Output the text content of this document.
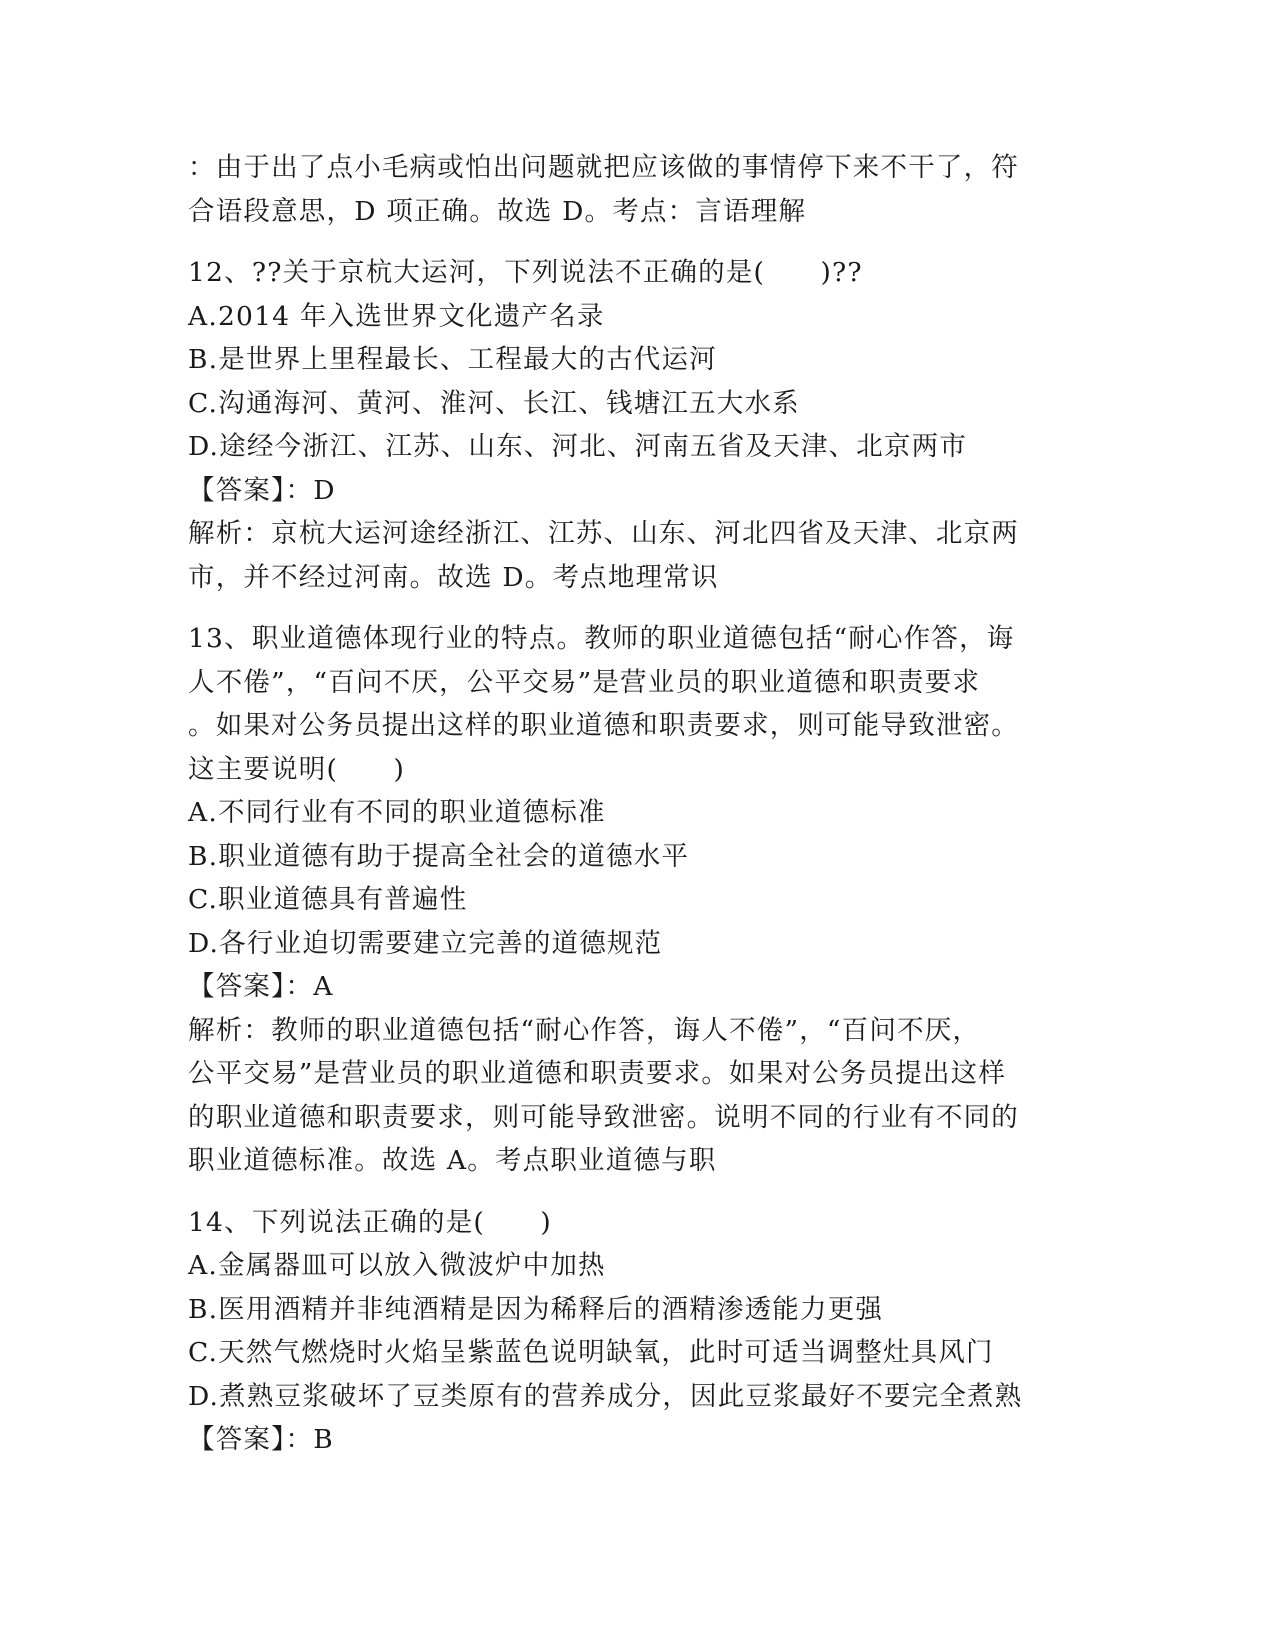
：由于出了点小毛病或怕出问题就把应该做的事情停下来不干了，符
合语段意思，D 项正确。故选 D。考点：言语理解
12、??关于京杭大运河，下列说法不正确的是(　　)??
A.2014 年入选世界文化遗产名录
B.是世界上里程最长、工程最大的古代运河
C.沟通海河、黄河、淮河、长江、钱塘江五大水系
D.途经今浙江、江苏、山东、河北、河南五省及天津、北京两市
【答案】：D
解析：京杭大运河途经浙江、江苏、山东、河北四省及天津、北京两
市，并不经过河南。故选 D。考点地理常识
13、职业道德体现行业的特点。教师的职业道德包括“耐心作答，诲
人不倦”，“百问不厌，公平交易”是营业员的职业道德和职责要求
。如果对公务员提出这样的职业道德和职责要求，则可能导致泄密。
这主要说明(　　)
A.不同行业有不同的职业道德标准
B.职业道德有助于提高全社会的道德水平
C.职业道德具有普遍性
D.各行业迫切需要建立完善的道德规范
【答案】：A
解析：教师的职业道德包括“耐心作答，诲人不倦”，“百问不厌，
公平交易”是营业员的职业道德和职责要求。如果对公务员提出这样
的职业道德和职责要求，则可能导致泄密。说明不同的行业有不同的
职业道德标准。故选 A。考点职业道德与职
14、下列说法正确的是(　　)
A.金属器皿可以放入微波炉中加热
B.医用酒精并非纯酒精是因为稀释后的酒精渗透能力更强
C.天然气燃烧时火焰呈紫蓝色说明缺氧，此时可适当调整灶具风门
D.煮熟豆浆破坏了豆类原有的营养成分，因此豆浆最好不要完全煮熟
【答案】：B
